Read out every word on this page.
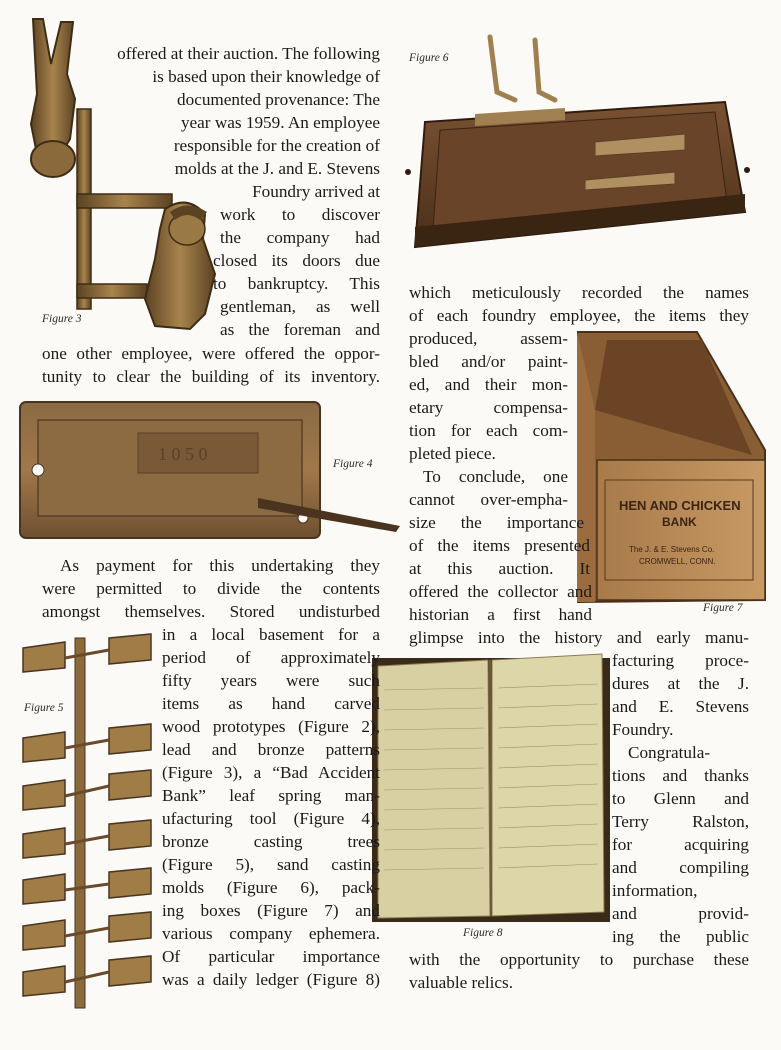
Figure 3
1 0 5 0	Figure 4
Figure 5
Figure 6
HEN AND CHICKEN
BANK
The J. & E. Stevens Co.
CROMWELL, CONN.
Figure 7
Figure 8
offered at their auction. The following
is based upon their knowledge of
documented provenance: The
year was 1959. An employee
responsible for the creation of
molds at the J. and E. Stevens
Foundry arrived at
work to discover
the company had
closed its doors due
to bankruptcy. This
gentleman, as well
as the foreman and
one other employee, were offered the oppor-
tunity to clear the building of its inventory.
As payment for this undertaking they
were permitted to divide the contents
amongst themselves. Stored undisturbed
in a local basement for a
period of approximately
fifty years were such
items as hand carved
wood prototypes (Figure 2),
lead and bronze patterns
(Figure 3), a “Bad Accident
Bank” leaf spring man-
ufacturing tool (Figure 4),
bronze casting trees
(Figure 5), sand casting
molds (Figure 6), pack-
ing boxes (Figure 7) and
various company ephemera.
Of particular importance
was a daily ledger (Figure 8)
which meticulously recorded the names
of each foundry employee, the items they
produced, assem-
bled and/or paint-
ed, and their mon-
etary compensa-
tion for each com-
pleted piece.
To conclude, one
cannot over-empha-
size the importance
of the items presented
at this auction. It
offered the collector and
historian a first hand
glimpse into the history and early manu-
facturing proce-
dures at the J.
and E. Stevens
Foundry.
Congratula-
tions and thanks
to Glenn and
Terry Ralston,
for acquiring
and compiling
information,
and provid-
ing the public
with the opportunity to purchase these
valuable relics.
